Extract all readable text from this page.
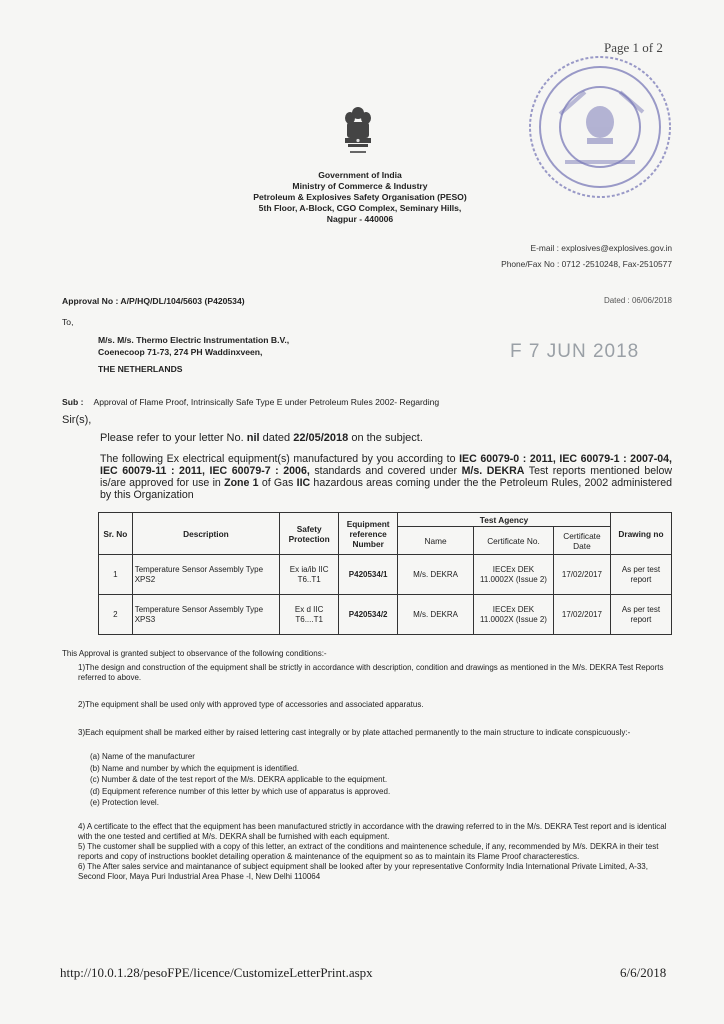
Page 1 of 2
Government of India
Ministry of Commerce & Industry
Petroleum & Explosives Safety Organisation (PESO)
5th Floor, A-Block, CGO Complex, Seminary Hills,
Nagpur - 440006
E-mail : explosives@explosives.gov.in
Phone/Fax No : 0712 -2510248, Fax-2510577
Approval No : A/P/HQ/DL/104/5603 (P420534)	Dated : 06/06/2018
To,
M/s. M/s. Thermo Electric Instrumentation B.V.,
Coenecoop 71-73, 274 PH Waddinxveen,
THE NETHERLANDS
F 7 JUN 2018
Sub : Approval of Flame Proof, Intrinsically Safe Type E under Petroleum Rules 2002- Regarding
Sir(s),
Please refer to your letter No. nil dated 22/05/2018 on the subject.
The following Ex electrical equipment(s) manufactured by you according to IEC 60079-0 : 2011, IEC 60079-1 : 2007-04, IEC 60079-11 : 2011, IEC 60079-7 : 2006, standards and covered under M/s. DEKRA Test reports mentioned below is/are approved for use in Zone 1 of Gas IIC hazardous areas coming under the the Petroleum Rules, 2002 administered by this Organization
Sr. No	Description	Safety Protection	Equipment reference Number	Test Agency			Drawing no
				Name	Certificate No.	Certificate Date	
1	Temperature Sensor Assembly Type XPS2	Ex ia/ib IIC T6..T1	P420534/1	M/s. DEKRA	IECEx DEK 11.0002X (Issue 2)	17/02/2017	As per test report
2	Temperature Sensor Assembly Type XPS3	Ex d IIC T6....T1	P420534/2	M/s. DEKRA	IECEx DEK 11.0002X (Issue 2)	17/02/2017	As per test report
This Approval is granted subject to observance of the following conditions:-
1)The design and construction of the equipment shall be strictly in accordance with description, condition and drawings as mentioned in the M/s. DEKRA Test Reports referred to above.
2)The equipment shall be used only with approved type of accessories and associated apparatus.
3)Each equipment shall be marked either by raised lettering cast integrally or by plate attached permanently to the main structure to indicate conspicuously:-
(a) Name of the manufacturer
(b) Name and number by which the equipment is identified.
(c) Number & date of the test report of the M/s. DEKRA applicable to the equipment.
(d) Equipment reference number of this letter by which use of apparatus is approved.
(e) Protection level.
4) A certificate to the effect that the equipment has been manufactured strictly in accordance with the drawing referred to in the M/s. DEKRA Test report and is identical with the one tested and certified at M/s. DEKRA shall be furnished with each equipment.
5) The customer shall be supplied with a copy of this letter, an extract of the conditions and maintenence schedule, if any, recommended by M/s. DEKRA in their test reports and copy of instructions booklet detailing operation & maintenance of the equipment so as to maintain its Flame Proof characterestics.
6) The After sales service and maintanance of subject equipment shall be looked after by your representative Conformity India International Private Limited, A-33, Second Floor, Maya Puri Industrial Area Phase -I, New Delhi 110064
http://10.0.1.28/pesoFPE/licence/CustomizeLetterPrint.aspx	6/6/2018
